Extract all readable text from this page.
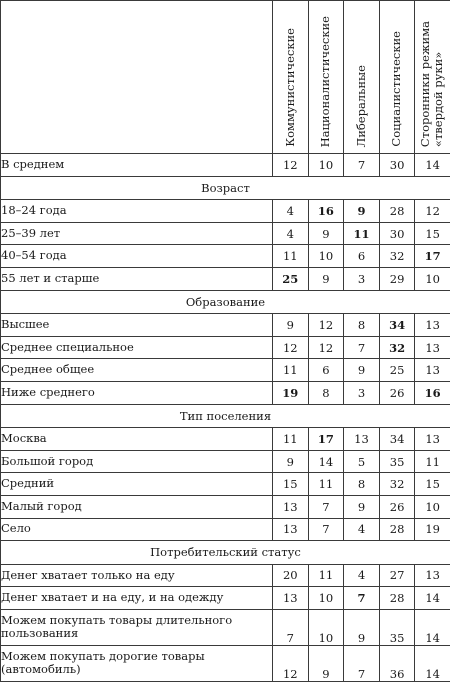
	Коммунистические	Националистические	Либеральные	Социалистические	Сторонники режима
«твердой руки»

В среднем	12	10	7	30	14
Возраст					
18–24 года	4	16	9	28	12
25–39 лет	4	9	11	30	15
40–54 года	11	10	6	32	17
55 лет и старше	25	9	3	29	10
Образование					
Высшее	9	12	8	34	13
Среднее специальное	12	12	7	32	13
Среднее общее	11	6	9	25	13
Ниже среднего	19	8	3	26	16
Тип поселения					
Москва	11	17	13	34	13
Большой город	9	14	5	35	11
Средний	15	11	8	32	15
Малый город	13	7	9	26	10
Село	13	7	4	28	19
Потребительский статус					
Денег хватает только на еду	20	11	4	27	13
Денег хватает и на еду, и на одежду	13	10	7	28	14
Можем покупать товары длительного пользования	7	10	9	35	14
Можем покупать дорогие товары (автомобиль)	12	9	7	36	14
